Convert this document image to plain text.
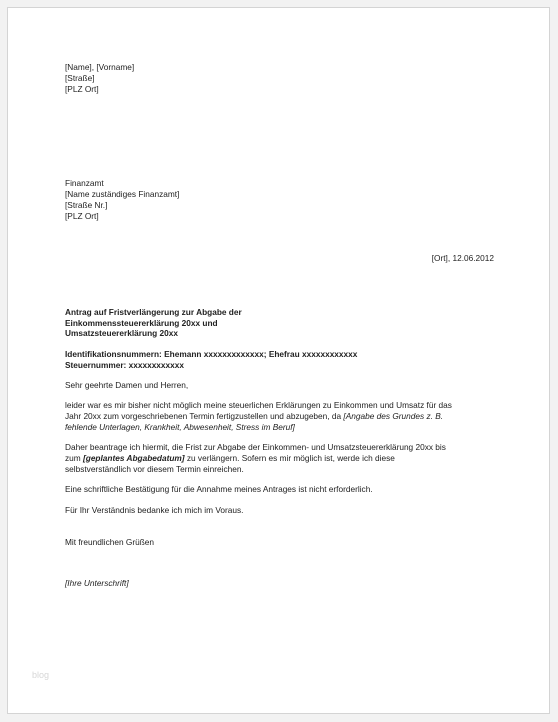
[Name], [Vorname]
[Straße]
[PLZ Ort]
Finanzamt
[Name zuständiges Finanzamt]
[Straße Nr.]
[PLZ Ort]
[Ort], 12.06.2012
Antrag auf Fristverlängerung zur Abgabe der
Einkommenssteuererklärung 20xx und
Umsatzsteuererklärung 20xx
Identifikationsnummern: Ehemann xxxxxxxxxxxxx; Ehefrau xxxxxxxxxxxx
Steuernummer: xxxxxxxxxxxx
Sehr geehrte Damen und Herren,
leider war es mir bisher nicht möglich meine steuerlichen Erklärungen zu Einkommen und Umsatz für das
Jahr 20xx zum vorgeschriebenen Termin fertigzustellen und abzugeben, da [Angabe des Grundes z. B.
fehlende Unterlagen, Krankheit, Abwesenheit, Stress im Beruf]
Daher beantrage ich hiermit, die Frist zur Abgabe der Einkommen- und Umsatzsteuererklärung 20xx bis
zum [geplantes Abgabedatum] zu verlängern. Sofern es mir möglich ist, werde ich diese
selbstverständlich vor diesem Termin einreichen.
Eine schriftliche Bestätigung für die Annahme meines Antrages ist nicht erforderlich.
Für Ihr Verständnis bedanke ich mich im Voraus.
Mit freundlichen Grüßen
[Ihre Unterschrift]
blog
